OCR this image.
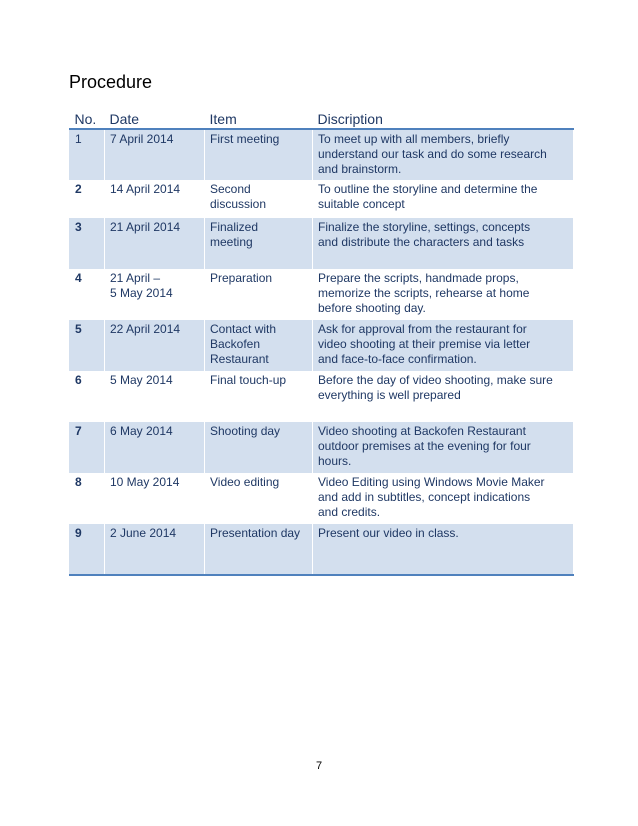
Procedure
No.	Date	Item	Discription
1	7 April 2014	First meeting	To meet up with all members, briefly
understand our task and do some research
and brainstorm.

2	14 April 2014	Second
discussion	To outline the storyline and determine the
suitable concept

3	21 April 2014	Finalized
meeting	Finalize the storyline, settings, concepts
and distribute the characters and tasks

4	21 April –
5 May 2014	Preparation	Prepare the scripts, handmade props,
memorize the scripts, rehearse at home
before shooting day.

5	22 April 2014	Contact with
Backofen
Restaurant	Ask for approval from the restaurant for
video shooting at their premise via letter
and face-to-face confirmation.

6	5 May 2014	Final touch-up	Before the day of video shooting, make sure
everything is well prepared

7	6 May 2014	Shooting day	Video shooting at Backofen Restaurant
outdoor premises at the evening for four
hours.

8	10 May 2014	Video editing	Video Editing using Windows Movie Maker
and add in subtitles, concept indications
and credits.

9	2 June 2014	Presentation day	Present our video in class.
7
